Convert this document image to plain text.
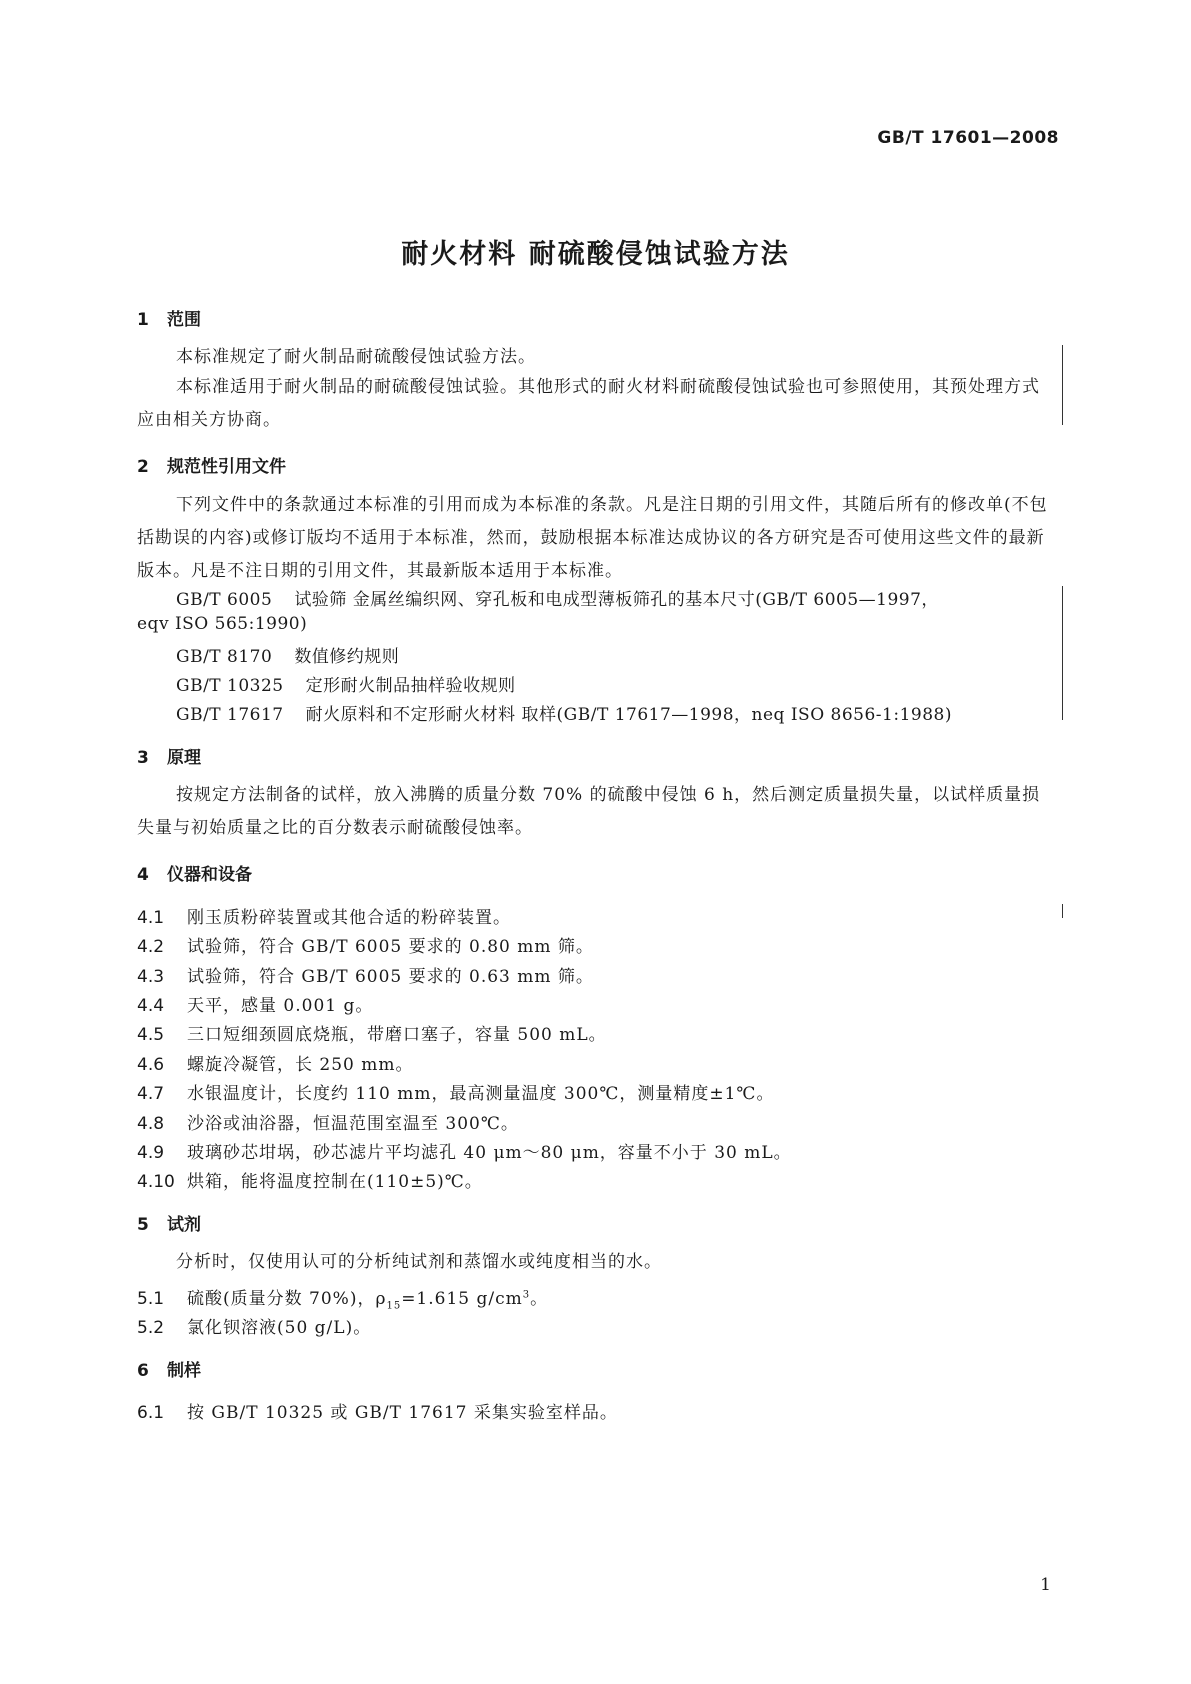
GB/T 17601—2008
耐火材料 耐硫酸侵蚀试验方法
1 范围
本标准规定了耐火制品耐硫酸侵蚀试验方法。
本标准适用于耐火制品的耐硫酸侵蚀试验。其他形式的耐火材料耐硫酸侵蚀试验也可参照使用，其预处理方式应由相关方协商。
2 规范性引用文件
下列文件中的条款通过本标准的引用而成为本标准的条款。凡是注日期的引用文件，其随后所有的修改单(不包括勘误的内容)或修订版均不适用于本标准，然而，鼓励根据本标准达成协议的各方研究是否可使用这些文件的最新版本。凡是不注日期的引用文件，其最新版本适用于本标准。
GB/T 6005 试验筛 金属丝编织网、穿孔板和电成型薄板筛孔的基本尺寸(GB/T 6005—1997，
eqv ISO 565:1990)
GB/T 8170 数值修约规则
GB/T 10325 定形耐火制品抽样验收规则
GB/T 17617 耐火原料和不定形耐火材料 取样(GB/T 17617—1998，neq ISO 8656-1:1988)
3 原理
按规定方法制备的试样，放入沸腾的质量分数 70% 的硫酸中侵蚀 6 h，然后测定质量损失量，以试样质量损失量与初始质量之比的百分数表示耐硫酸侵蚀率。
4 仪器和设备
4.1 刚玉质粉碎装置或其他合适的粉碎装置。
4.2 试验筛，符合 GB/T 6005 要求的 0.80 mm 筛。
4.3 试验筛，符合 GB/T 6005 要求的 0.63 mm 筛。
4.4 天平，感量 0.001 g。
4.5 三口短细颈圆底烧瓶，带磨口塞子，容量 500 mL。
4.6 螺旋冷凝管，长 250 mm。
4.7 水银温度计，长度约 110 mm，最高测量温度 300℃，测量精度±1℃。
4.8 沙浴或油浴器，恒温范围室温至 300℃。
4.9 玻璃砂芯坩埚，砂芯滤片平均滤孔 40 μm～80 μm，容量不小于 30 mL。
4.10 烘箱，能将温度控制在(110±5)℃。
5 试剂
分析时，仅使用认可的分析纯试剂和蒸馏水或纯度相当的水。
5.1 硫酸(质量分数 70%)，$\rho_{15}=1.615$ $g/cm^3$。
5.2 氯化钡溶液(50 g/L)。
6 制样
6.1 按 GB/T 10325 或 GB/T 17617 采集实验室样品。
1
